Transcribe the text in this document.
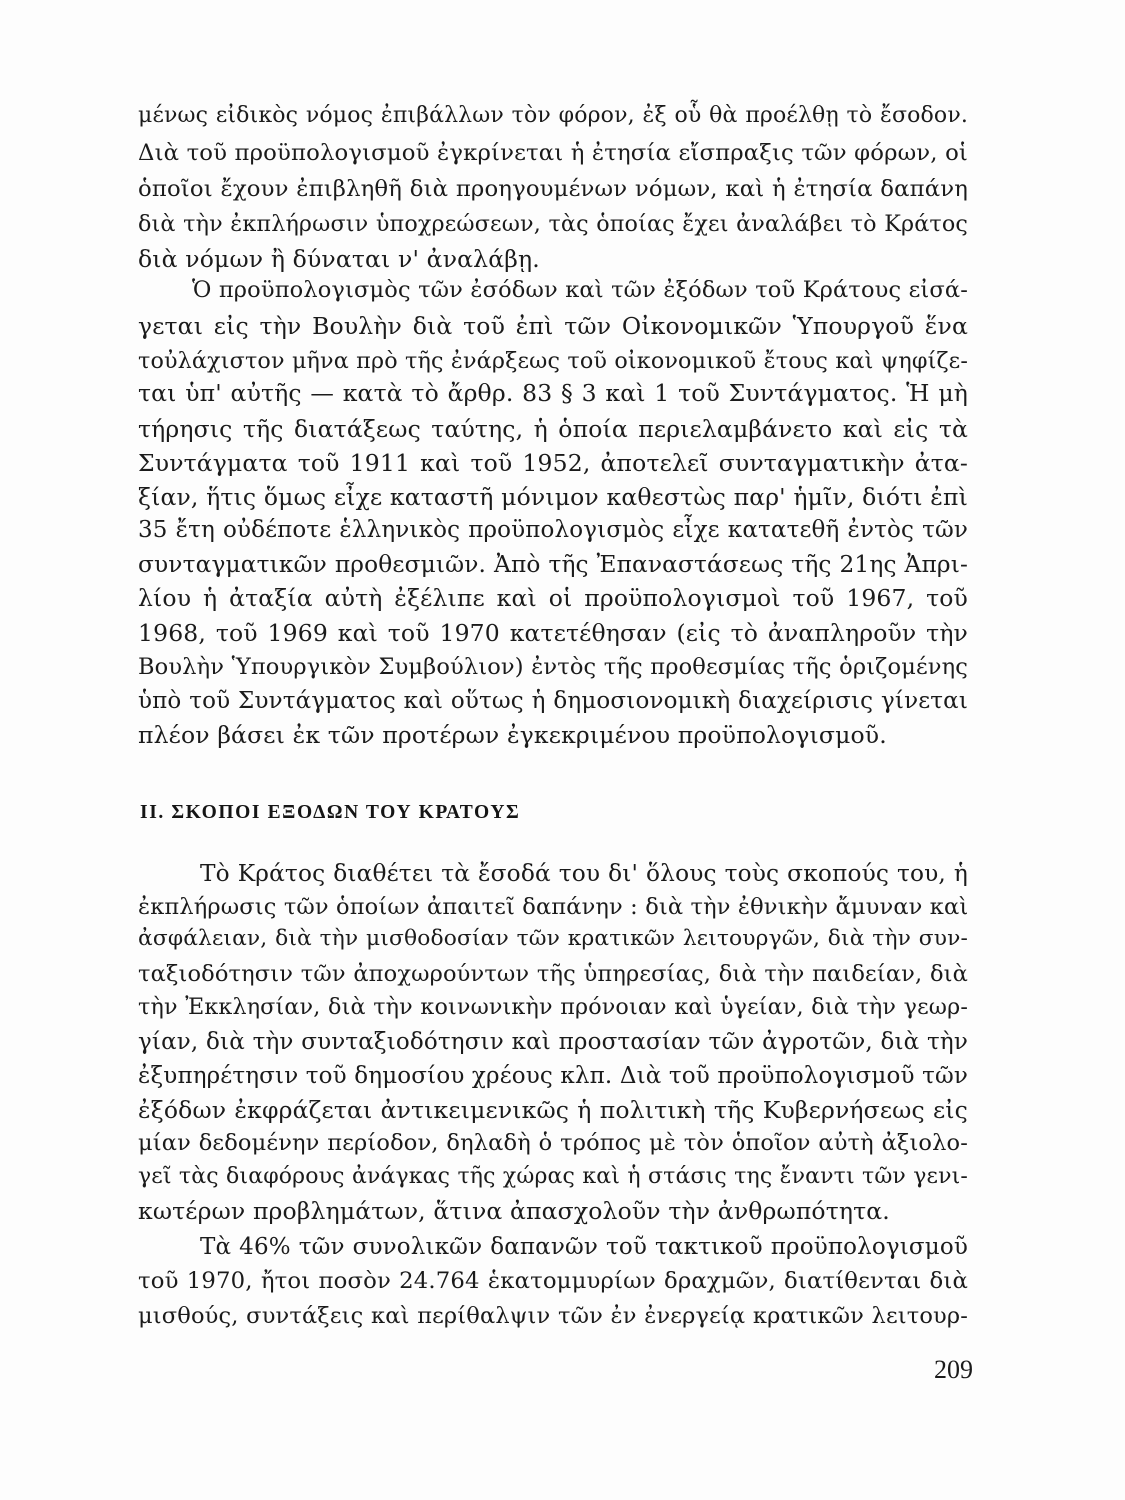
μένως εἰδικὸς νόμος ἐπιβάλλων τὸν φόρον, ἐξ οὗ θὰ προέλθῃ τὸ ἔσοδον.
Διὰ τοῦ προϋπολογισμοῦ ἐγκρίνεται ἡ ἐτησία εἴσπραξις τῶν φόρων, οἱ
ὁποῖοι ἔχουν ἐπιβληθῆ διὰ προηγουμένων νόμων, καὶ ἡ ἐτησία δαπάνη
διὰ τὴν ἐκπλήρωσιν ὑποχρεώσεων, τὰς ὁποίας ἔχει ἀναλάβει τὸ Κράτος
διὰ νόμων ἢ δύναται ν' ἀναλάβῃ.
Ὁ προϋπολογισμὸς τῶν ἐσόδων καὶ τῶν ἐξόδων τοῦ Κράτους εἰσά-
γεται εἰς τὴν Βουλὴν διὰ τοῦ ἐπὶ τῶν Οἰκονομικῶν Ὑπουργοῦ ἕνα
τοὐλάχιστον μῆνα πρὸ τῆς ἐνάρξεως τοῦ οἰκονομικοῦ ἔτους καὶ ψηφίζε-
ται ὑπ' αὐτῆς — κατὰ τὸ ἄρθρ. 83 § 3 καὶ 1 τοῦ Συντάγματος. Ἡ μὴ
τήρησις τῆς διατάξεως ταύτης, ἡ ὁποία περιελαμβάνετο καὶ εἰς τὰ
Συντάγματα τοῦ 1911 καὶ τοῦ 1952, ἀποτελεῖ συνταγματικὴν ἀτα-
ξίαν, ἥτις ὅμως εἶχε καταστῆ μόνιμον καθεστὼς παρ' ἡμῖν, διότι ἐπὶ
35 ἔτη οὐδέποτε ἑλληνικὸς προϋπολογισμὸς εἶχε κατατεθῆ ἐντὸς τῶν
συνταγματικῶν προθεσμιῶν. Ἀπὸ τῆς Ἐπαναστάσεως τῆς 21ης Ἀπρι-
λίου ἡ ἀταξία αὐτὴ ἐξέλιπε καὶ οἱ προϋπολογισμοὶ τοῦ 1967, τοῦ
1968, τοῦ 1969 καὶ τοῦ 1970 κατετέθησαν (εἰς τὸ ἀναπληροῦν τὴν
Βουλὴν Ὑπουργικὸν Συμβούλιον) ἐντὸς τῆς προθεσμίας τῆς ὁριζομένης
ὑπὸ τοῦ Συντάγματος καὶ οὕτως ἡ δημοσιονομικὴ διαχείρισις γίνεται
πλέον βάσει ἐκ τῶν προτέρων ἐγκεκριμένου προϋπολογισμοῦ.
II. ΣΚΟΠΟΙ ΕΞΟΔΩΝ ΤΟΥ ΚΡΑΤΟΥΣ
Τὸ Κράτος διαθέτει τὰ ἔσοδά του δι' ὅλους τοὺς σκοπούς του, ἡ
ἐκπλήρωσις τῶν ὁποίων ἀπαιτεῖ δαπάνην : διὰ τὴν ἐθνικὴν ἄμυναν καὶ
ἀσφάλειαν, διὰ τὴν μισθοδοσίαν τῶν κρατικῶν λειτουργῶν, διὰ τὴν συν-
ταξιοδότησιν τῶν ἀποχωρούντων τῆς ὑπηρεσίας, διὰ τὴν παιδείαν, διὰ
τὴν Ἐκκλησίαν, διὰ τὴν κοινωνικὴν πρόνοιαν καὶ ὑγείαν, διὰ τὴν γεωρ-
γίαν, διὰ τὴν συνταξιοδότησιν καὶ προστασίαν τῶν ἀγροτῶν, διὰ τὴν
ἐξυπηρέτησιν τοῦ δημοσίου χρέους κλπ. Διὰ τοῦ προϋπολογισμοῦ τῶν
ἐξόδων ἐκφράζεται ἀντικειμενικῶς ἡ πολιτικὴ τῆς Κυβερνήσεως εἰς
μίαν δεδομένην περίοδον, δηλαδὴ ὁ τρόπος μὲ τὸν ὁποῖον αὐτὴ ἀξιολο-
γεῖ τὰς διαφόρους ἀνάγκας τῆς χώρας καὶ ἡ στάσις της ἔναντι τῶν γενι-
κωτέρων προβλημάτων, ἅτινα ἀπασχολοῦν τὴν ἀνθρωπότητα.
Τὰ 46% τῶν συνολικῶν δαπανῶν τοῦ τακτικοῦ προϋπολογισμοῦ
τοῦ 1970, ἤτοι ποσὸν 24.764 ἑκατομμυρίων δραχμῶν, διατίθενται διὰ
μισθούς, συντάξεις καὶ περίθαλψιν τῶν ἐν ἐνεργείᾳ κρατικῶν λειτουρ-
209
